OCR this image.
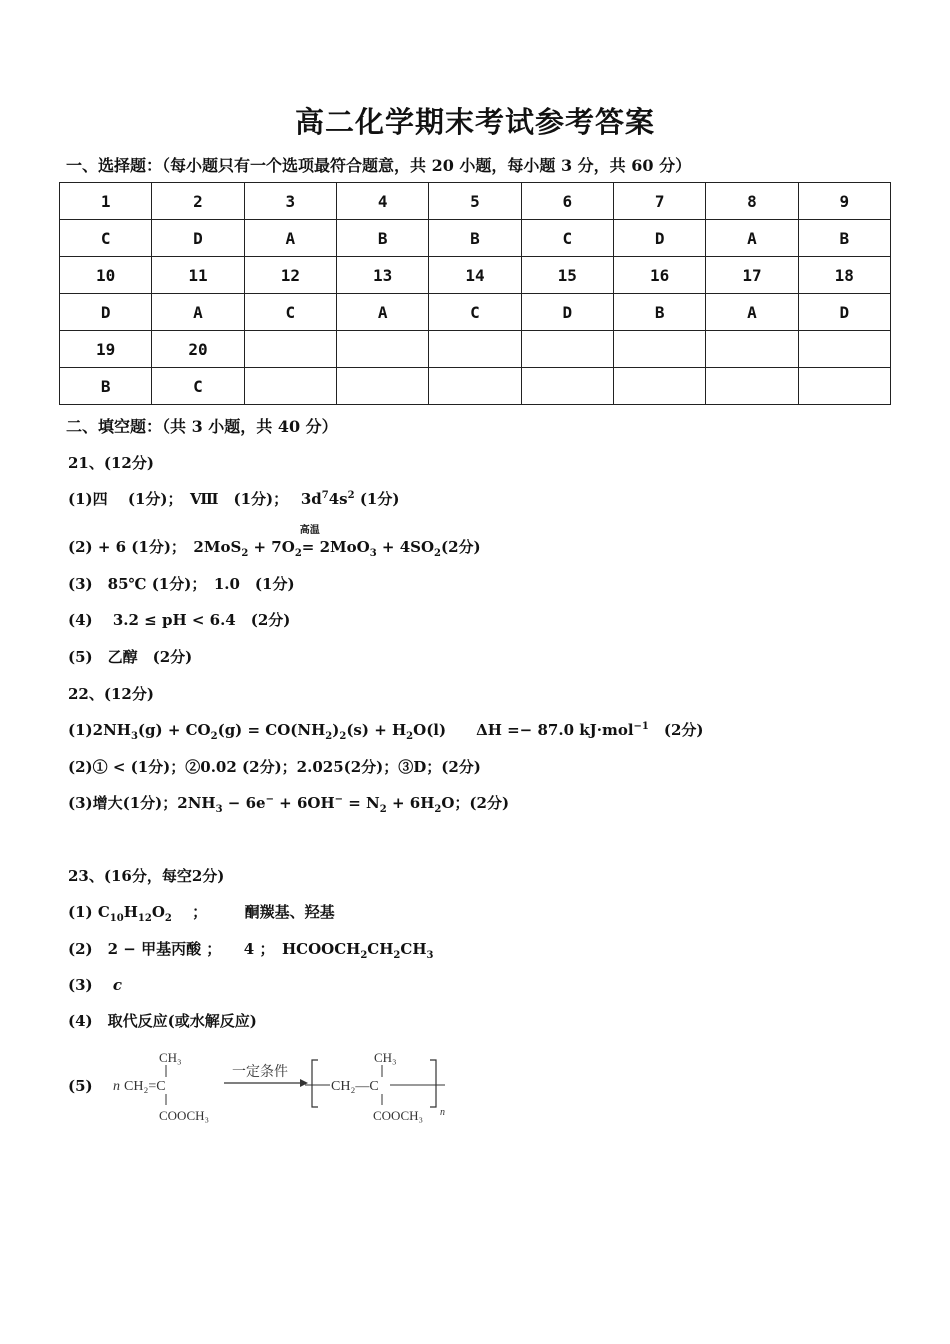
高二化学期末考试参考答案
一、选择题：（每小题只有一个选项最符合题意，共 20 小题，每小题 3 分，共 60 分）
1	2	3	4	5	6	7	8	9
C	D	A	B	B	C	D	A	B
10	11	12	13	14	15	16	17	18
D	A	C	A	C	D	B	A	D
19	20							
B	C							
二、填空题：（共 3 小题，共 40 分）
21、(12分)
(1)四　 (1分)；　Ⅷ　(1分)；　 $3d^74s^2$ (1分)
(2) + 6 (1分)；　$2MoS_2 + 7O_2$
高温
= $2MoO_3 + 4SO_2(2$分)
(3)　85℃ (1分)；　1.0　(1分)
(4)　 3.2 ≤ pH < 6.4　(2分)
(5)　乙醇　(2分)
22、(12分)
$(1)2NH_3(g) + CO_2(g) = CO(NH_2)_2(s) + H_2O(l)$　　ΔH =− 87.0 kJ·mol$^{-1}$　(2分)
(2)① < (1分)；②0.02 (2分)；2.025(2分)；③D；(2分)
(3)增大(1分)；$2NH_3 - 6e^- + 6OH^- = N_2 + 6H_2O$；(2分)
23、(16分，每空2分)
(1) $C_{10}H_{12}O_2$　 ；　　　酮羰基、羟基
(2)　2 − 甲基丙酸 ；　　4 ；　$HCOOCH_2CH_2CH_3$
(3)　 c
(4)　取代反应(或水解反应)
(5) n CH₂=C
CH₃
COOCH₃
一定条件
CH₂—C
CH₃
COOCH₃ n
